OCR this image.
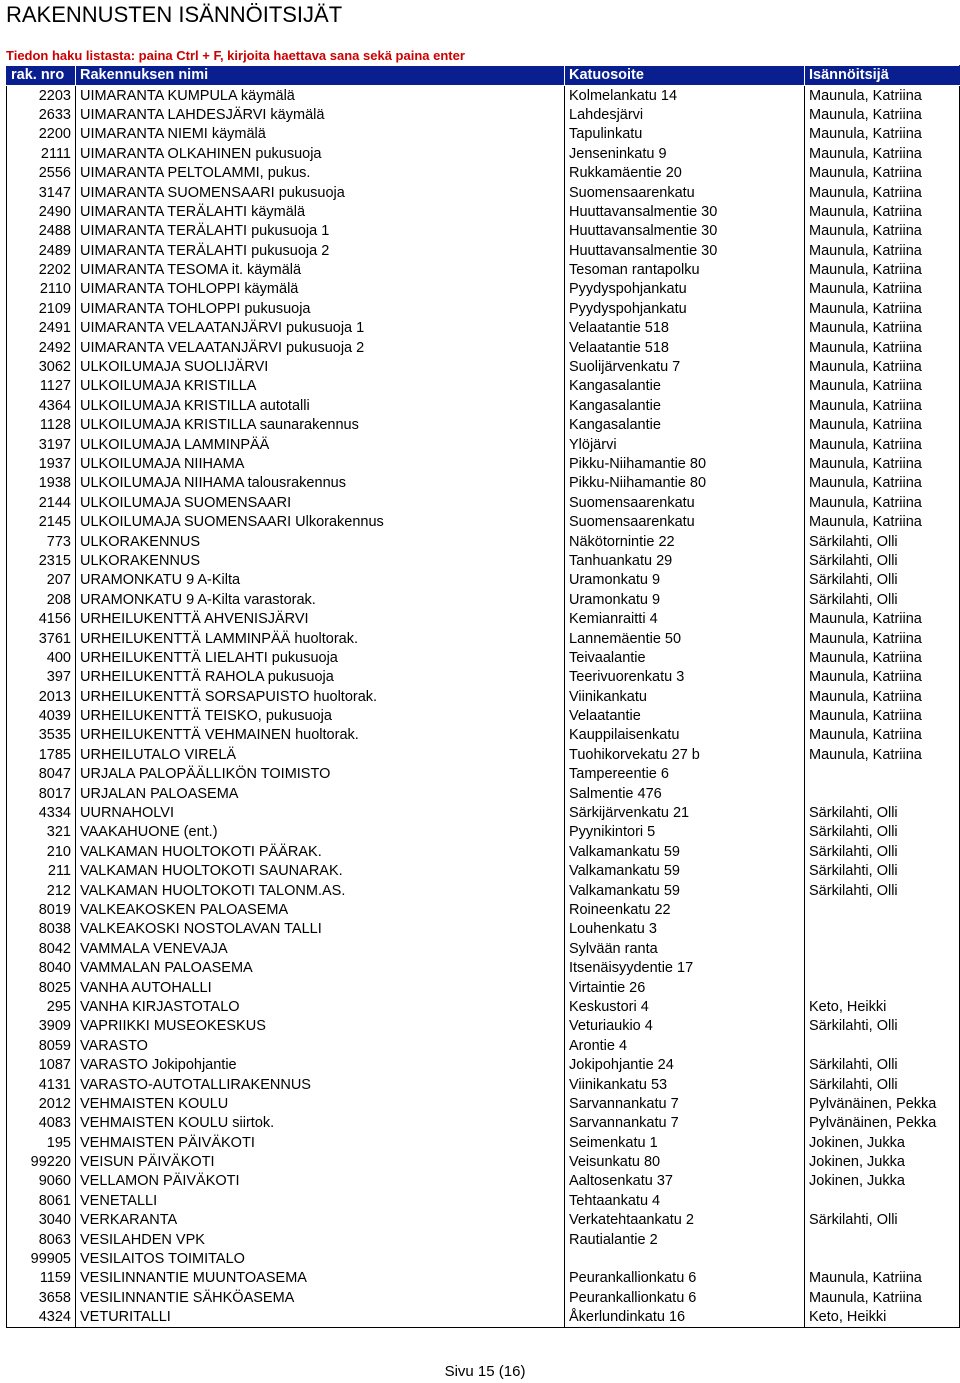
RAKENNUSTEN ISÄNNÖITSIJÄT
Tiedon haku listasta: paina Ctrl + F, kirjoita haettava sana sekä paina enter
rak. nro	Rakennuksen nimi	Katuosoite	Isännöitsijä
2203	UIMARANTA KUMPULA käymälä	Kolmelankatu 14	Maunula, Katriina
2633	UIMARANTA LAHDESJÄRVI käymälä	Lahdesjärvi	Maunula, Katriina
2200	UIMARANTA NIEMI käymälä	Tapulinkatu	Maunula, Katriina
2111	UIMARANTA OLKAHINEN pukusuoja	Jenseninkatu 9	Maunula, Katriina
2556	UIMARANTA PELTOLAMMI, pukus.	Rukkamäentie 20	Maunula, Katriina
3147	UIMARANTA SUOMENSAARI pukusuoja	Suomensaarenkatu	Maunula, Katriina
2490	UIMARANTA TERÄLAHTI käymälä	Huuttavansalmentie 30	Maunula, Katriina
2488	UIMARANTA TERÄLAHTI pukusuoja 1	Huuttavansalmentie 30	Maunula, Katriina
2489	UIMARANTA TERÄLAHTI pukusuoja 2	Huuttavansalmentie 30	Maunula, Katriina
2202	UIMARANTA TESOMA it. käymälä	Tesoman rantapolku	Maunula, Katriina
2110	UIMARANTA TOHLOPPI käymälä	Pyydyspohjankatu	Maunula, Katriina
2109	UIMARANTA TOHLOPPI pukusuoja	Pyydyspohjankatu	Maunula, Katriina
2491	UIMARANTA VELAATANJÄRVI pukusuoja 1	Velaatantie 518	Maunula, Katriina
2492	UIMARANTA VELAATANJÄRVI pukusuoja 2	Velaatantie 518	Maunula, Katriina
3062	ULKOILUMAJA SUOLIJÄRVI	Suolijärvenkatu 7	Maunula, Katriina
1127	ULKOILUMAJA KRISTILLA	Kangasalantie	Maunula, Katriina
4364	ULKOILUMAJA KRISTILLA autotalli	Kangasalantie	Maunula, Katriina
1128	ULKOILUMAJA KRISTILLA saunarakennus	Kangasalantie	Maunula, Katriina
3197	ULKOILUMAJA LAMMINPÄÄ	Ylöjärvi	Maunula, Katriina
1937	ULKOILUMAJA NIIHAMA	Pikku-Niihamantie 80	Maunula, Katriina
1938	ULKOILUMAJA NIIHAMA talousrakennus	Pikku-Niihamantie 80	Maunula, Katriina
2144	ULKOILUMAJA SUOMENSAARI	Suomensaarenkatu	Maunula, Katriina
2145	ULKOILUMAJA SUOMENSAARI Ulkorakennus	Suomensaarenkatu	Maunula, Katriina
773	ULKORAKENNUS	Näkötornintie 22	Särkilahti, Olli
2315	ULKORAKENNUS	Tanhuankatu 29	Särkilahti, Olli
207	URAMONKATU 9 A-Kilta	Uramonkatu 9	Särkilahti, Olli
208	URAMONKATU 9 A-Kilta varastorak.	Uramonkatu 9	Särkilahti, Olli
4156	URHEILUKENTTÄ AHVENISJÄRVI	Kemianraitti 4	Maunula, Katriina
3761	URHEILUKENTTÄ LAMMINPÄÄ huoltorak.	Lannemäentie 50	Maunula, Katriina
400	URHEILUKENTTÄ LIELAHTI pukusuoja	Teivaalantie	Maunula, Katriina
397	URHEILUKENTTÄ RAHOLA pukusuoja	Teerivuorenkatu 3	Maunula, Katriina
2013	URHEILUKENTTÄ SORSAPUISTO huoltorak.	Viinikankatu	Maunula, Katriina
4039	URHEILUKENTTÄ TEISKO, pukusuoja	Velaatantie	Maunula, Katriina
3535	URHEILUKENTTÄ VEHMAINEN huoltorak.	Kauppilaisenkatu	Maunula, Katriina
1785	URHEILUTALO VIRELÄ	Tuohikorvekatu 27 b	Maunula, Katriina
8047	URJALA PALOPÄÄLLIKÖN TOIMISTO	Tampereentie 6	
8017	URJALAN PALOASEMA	Salmentie 476	
4334	UURNAHOLVI	Särkijärvenkatu 21	Särkilahti, Olli
321	VAAKAHUONE (ent.)	Pyynikintori 5	Särkilahti, Olli
210	VALKAMAN HUOLTOKOTI PÄÄRAK.	Valkamankatu 59	Särkilahti, Olli
211	VALKAMAN HUOLTOKOTI SAUNARAK.	Valkamankatu 59	Särkilahti, Olli
212	VALKAMAN HUOLTOKOTI TALONM.AS.	Valkamankatu 59	Särkilahti, Olli
8019	VALKEAKOSKEN PALOASEMA	Roineenkatu 22	
8038	VALKEAKOSKI NOSTOLAVAN TALLI	Louhenkatu 3	
8042	VAMMALA VENEVAJA	Sylvään ranta	
8040	VAMMALAN PALOASEMA	Itsenäisyydentie 17	
8025	VANHA AUTOHALLI	Virtaintie 26	
295	VANHA KIRJASTOTALO	Keskustori 4	Keto, Heikki
3909	VAPRIIKKI MUSEOKESKUS	Veturiaukio 4	Särkilahti, Olli
8059	VARASTO	Arontie 4	
1087	VARASTO Jokipohjantie	Jokipohjantie 24	Särkilahti, Olli
4131	VARASTO-AUTOTALLIRAKENNUS	Viinikankatu 53	Särkilahti, Olli
2012	VEHMAISTEN KOULU	Sarvannankatu 7	Pylvänäinen, Pekka
4083	VEHMAISTEN KOULU siirtok.	Sarvannankatu 7	Pylvänäinen, Pekka
195	VEHMAISTEN PÄIVÄKOTI	Seimenkatu 1	Jokinen, Jukka
99220	VEISUN PÄIVÄKOTI	Veisunkatu 80	Jokinen, Jukka
9060	VELLAMON PÄIVÄKOTI	Aaltosenkatu 37	Jokinen, Jukka
8061	VENETALLI	Tehtaankatu 4	
3040	VERKARANTA	Verkatehtaankatu 2	Särkilahti, Olli
8063	VESILAHDEN VPK	Rautialantie 2	
99905	VESILAITOS TOIMITALO		
1159	VESILINNANTIE MUUNTOASEMA	Peurankallionkatu 6	Maunula, Katriina
3658	VESILINNANTIE SÄHKÖASEMA	Peurankallionkatu 6	Maunula, Katriina
4324	VETURITALLI	Åkerlundinkatu 16	Keto, Heikki
Sivu 15 (16)
